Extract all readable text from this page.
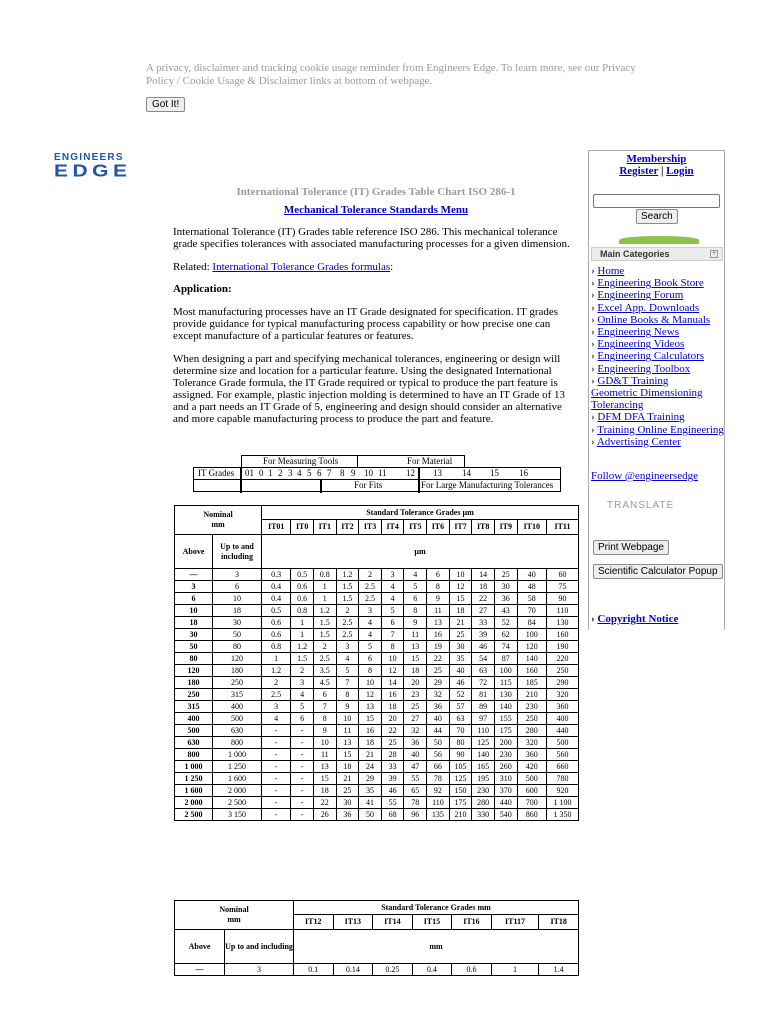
A privacy, disclaimer and tracking cookie usage reminder from Engineers Edge. To learn more, see our Privacy Policy / Cookie Usage & Disclaimer links at bottom of webpage.
Got It!
ENGINEERS
EDGE
International Tolerance (IT) Grades Table Chart ISO 286-1
Mechanical Tolerance Standards Menu

International Tolerance (IT) Grades table reference ISO 286. This mechanical tolerance grade specifies tolerances with associated manufacturing processes for a given dimension.

Related: International Tolerance Grades formulas:

Application:

Most manufacturing processes have an IT Grade designated for specification. IT grades provide guidance for typical manufacturing process capability or how precise one can except manufacture of a particular features or features.

When designing a part and specifying mechanical tolerances, engineering or design will determine size and location for a particular feature. Using the designated International Tolerance Grade formula, the IT Grade required or typical to produce the part feature is assigned. For example, plastic injection molding is determined to have an IT Grade of 13 and a part needs an IT Grade of 5, engineering and design should consider an alternative and more capable manufacturing process to produce the part and feature.

For Measuring Tools	For Material
IT Grades 01 0 1 2 3 4 5 6 7 8 9 10 11 12 13 14 15 16
For Fits	For Large Manufacturing Tolerances
Nominal
mm		Standard Tolerance Grades µm												
		IT01	IT0	IT1	IT2	IT3	IT4	IT5	IT6	IT7	IT8	IT9	IT10	IT11
Above	Up to and including	µm												
—	3	0.3	0.5	0.8	1.2	2	3	4	6	10	14	25	40	60
3	6	0.4	0.6	1	1.5	2.5	4	5	8	12	18	30	48	75
6	10	0.4	0.6	1	1.5	2.5	4	6	9	15	22	36	58	90
10	18	0.5	0.8	1.2	2	3	5	8	11	18	27	43	70	110
18	30	0.6	1	1.5	2.5	4	6	9	13	21	33	52	84	130
30	50	0.6	1	1.5	2.5	4	7	11	16	25	39	62	100	160
50	80	0.8	1.2	2	3	5	8	13	19	30	46	74	120	190
80	120	1	1.5	2.5	4	6	10	15	22	35	54	87	140	220
120	180	1.2	2	3.5	5	8	12	18	25	40	63	100	160	250
180	250	2	3	4.5	7	10	14	20	29	46	72	115	185	290
250	315	2.5	4	6	8	12	16	23	32	52	81	130	210	320
315	400	3	5	7	9	13	18	25	36	57	89	140	230	360
400	500	4	6	8	10	15	20	27	40	63	97	155	250	400
500	630	-	-	9	11	16	22	32	44	70	110	175	280	440
630	800	-	-	10	13	18	25	36	50	80	125	200	320	500
800	1 000	-	-	11	15	21	28	40	56	90	140	230	360	560
1 000	1 250	-	-	13	18	24	33	47	66	105	165	260	420	660
1 250	1 600	-	-	15	21	29	39	55	78	125	195	310	500	780
1 600	2 000	-	-	18	25	35	46	65	92	150	230	370	600	920
2 000	2 500	-	-	22	30	41	55	78	110	175	280	440	700	1 100
2 500	3 150	-	-	26	36	50	68	96	135	210	330	540	860	1 350
Nominal
mm		Standard Tolerance Grades mm						
		IT12	IT13	IT14	IT15	IT16	IT117	IT18
Above	Up to and including	mm						
—	3	0.1	0.14	0.25	0.4	0.6	1	1.4
Membership
Register | Login
Search
Main Categories	+
› Home
› Engineering Book Store
› Engineering Forum
› Excel App. Downloads
› Online Books & Manuals
› Engineering News
› Engineering Videos
› Engineering Calculators
› Engineering Toolbox
› GD&T Training
Geometric Dimensioning Tolerancing
› DFM DFA Training
› Training Online Engineering
› Advertising Center
Follow @engineersedge
TRANSLATE
Print Webpage
Scientific Calculator Popup
› Copyright Notice
